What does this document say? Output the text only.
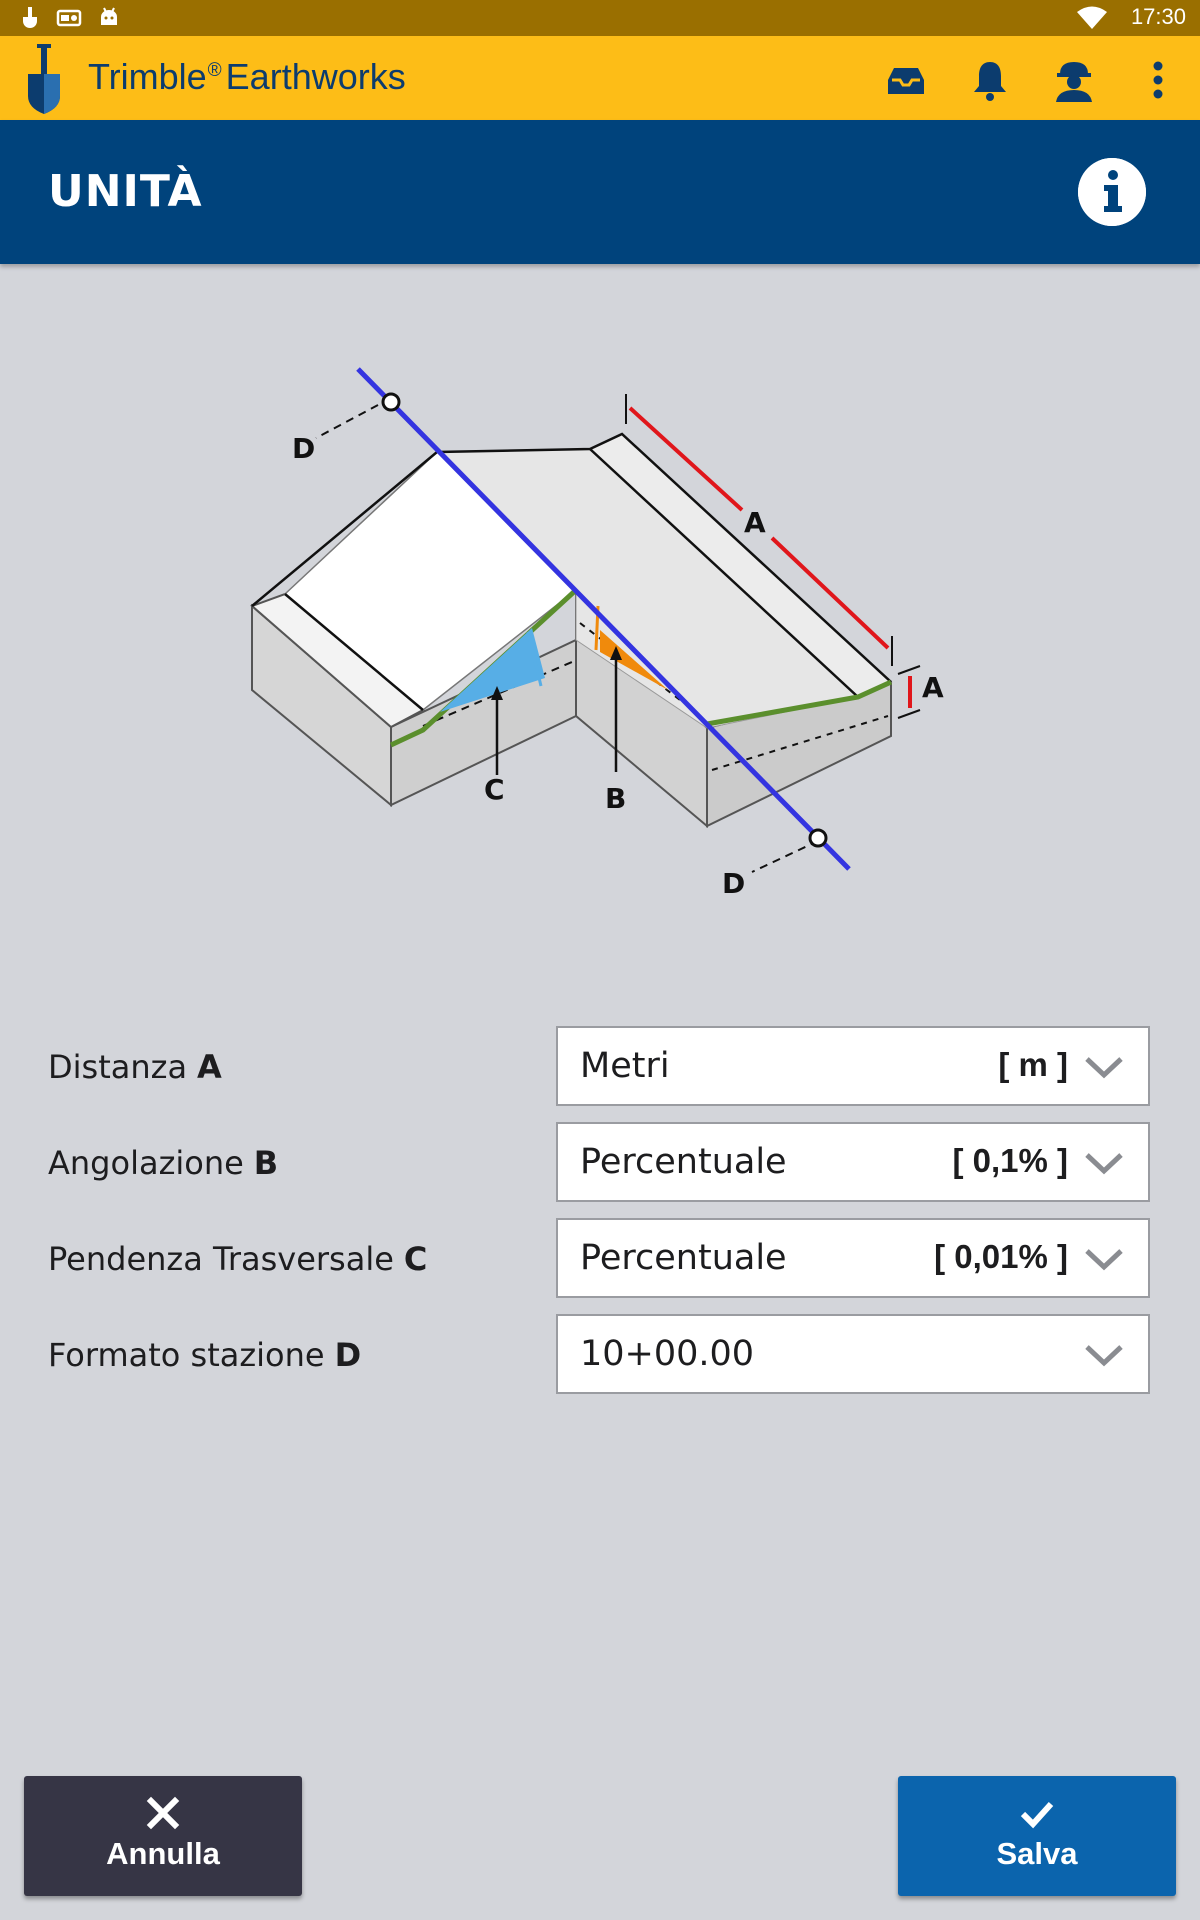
17:30
Trimble® Earthworks
UNITÀ
D
A
A
C	B
D
Distanza A	Metri	[ m ]
Angolazione B	Percentuale	[ 0,1% ]
Pendenza Trasversale C	Percentuale	[ 0,01% ]
Formato stazione D	10+00.00
Annulla	Salva
